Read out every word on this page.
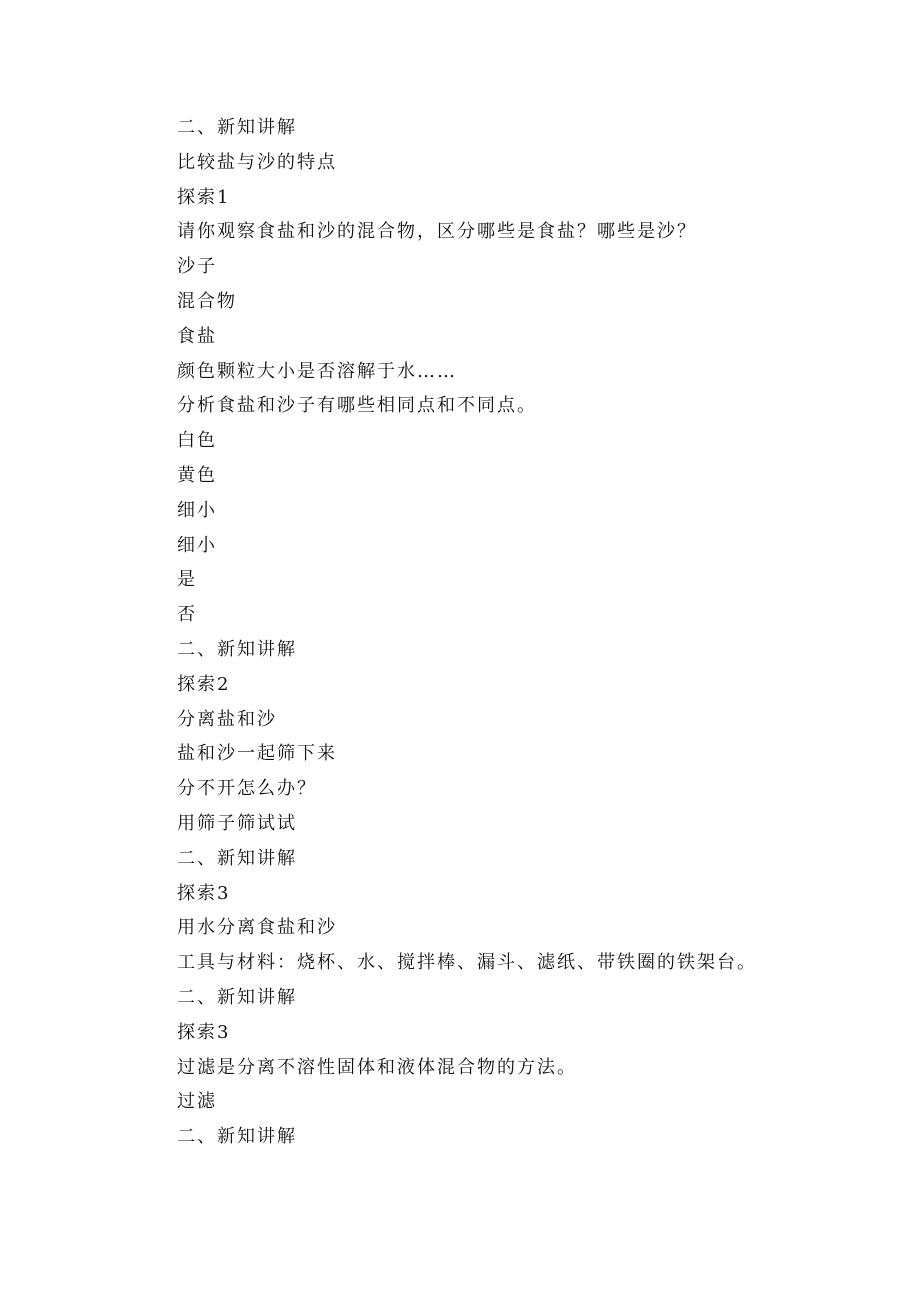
二、新知讲解
比较盐与沙的特点
探索1
请你观察食盐和沙的混合物，区分哪些是食盐？哪些是沙？
沙子
混合物
食盐
颜色颗粒大小是否溶解于水……
分析食盐和沙子有哪些相同点和不同点。
白色
黄色
细小
细小
是
否
二、新知讲解
探索2
分离盐和沙
盐和沙一起筛下来
分不开怎么办？
用筛子筛试试
二、新知讲解
探索3
用水分离食盐和沙
工具与材料：烧杯、水、搅拌棒、漏斗、滤纸、带铁圈的铁架台。
二、新知讲解
探索3
过滤是分离不溶性固体和液体混合物的方法。
过滤
二、新知讲解
